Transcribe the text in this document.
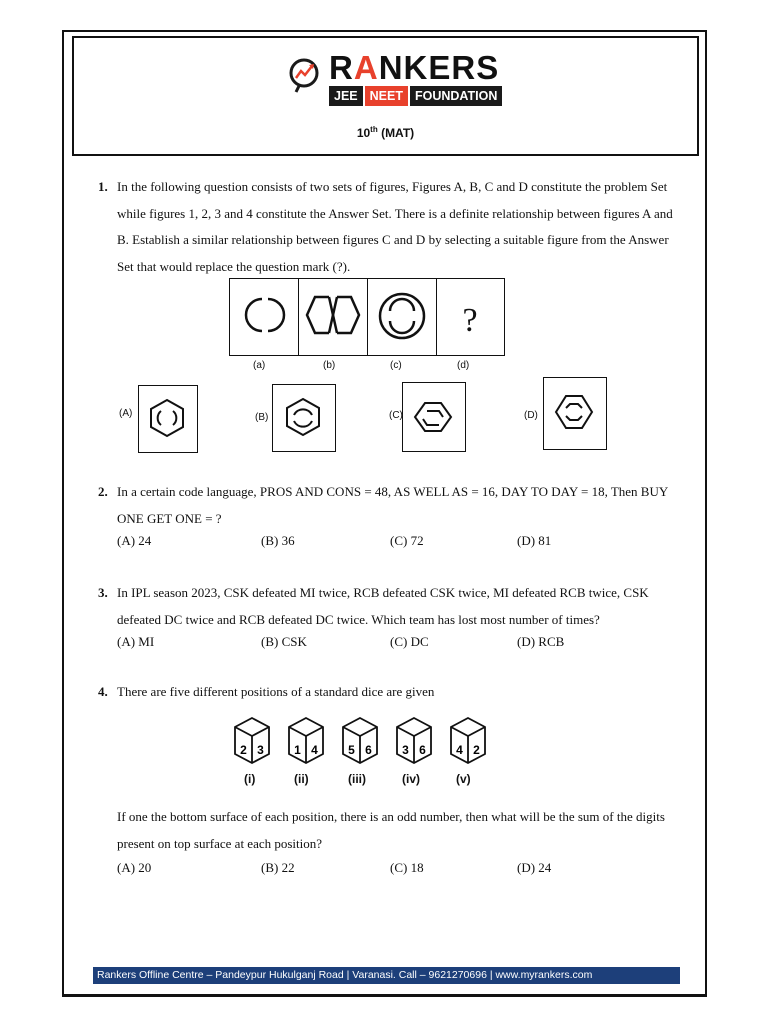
RANKERS
JEE NEET FOUNDATION
10th (MAT)
1. In the following question consists of two sets of figures, Figures A, B, C and D constitute the problem Set while figures 1, 2, 3 and 4 constitute the Answer Set. There is a definite relationship between figures A and B. Establish a similar relationship between figures C and D by selecting a suitable figure from the Answer Set that would replace the question mark (?).
?
(a)	(b)	(c)	(d)
(A)	(B)	(C)	(D)
2. In a certain code language, PROS AND CONS = 48, AS WELL AS = 16, DAY TO DAY = 18, Then BUY ONE GET ONE = ?
(A) 24	(B) 36	(C) 72	(D) 81
3. In IPL season 2023, CSK defeated MI twice, RCB defeated CSK twice, MI defeated RCB twice, CSK defeated DC twice and RCB defeated DC twice. Which team has lost most number of times?
(A) MI	(B) CSK	(C) DC	(D) RCB
4. There are five different positions of a standard dice are given
2 3
(i)
1 4
(ii)
5 6
(iii)
3 6
(iv)
4 2
(v)
If one the bottom surface of each position, there is an odd number, then what will be the sum of the digits present on top surface at each position?
(A) 20	(B) 22	(C) 18	(D) 24
Rankers Offline Centre – Pandeypur Hukulganj Road | Varanasi. Call – 9621270696 | www.myrankers.com
